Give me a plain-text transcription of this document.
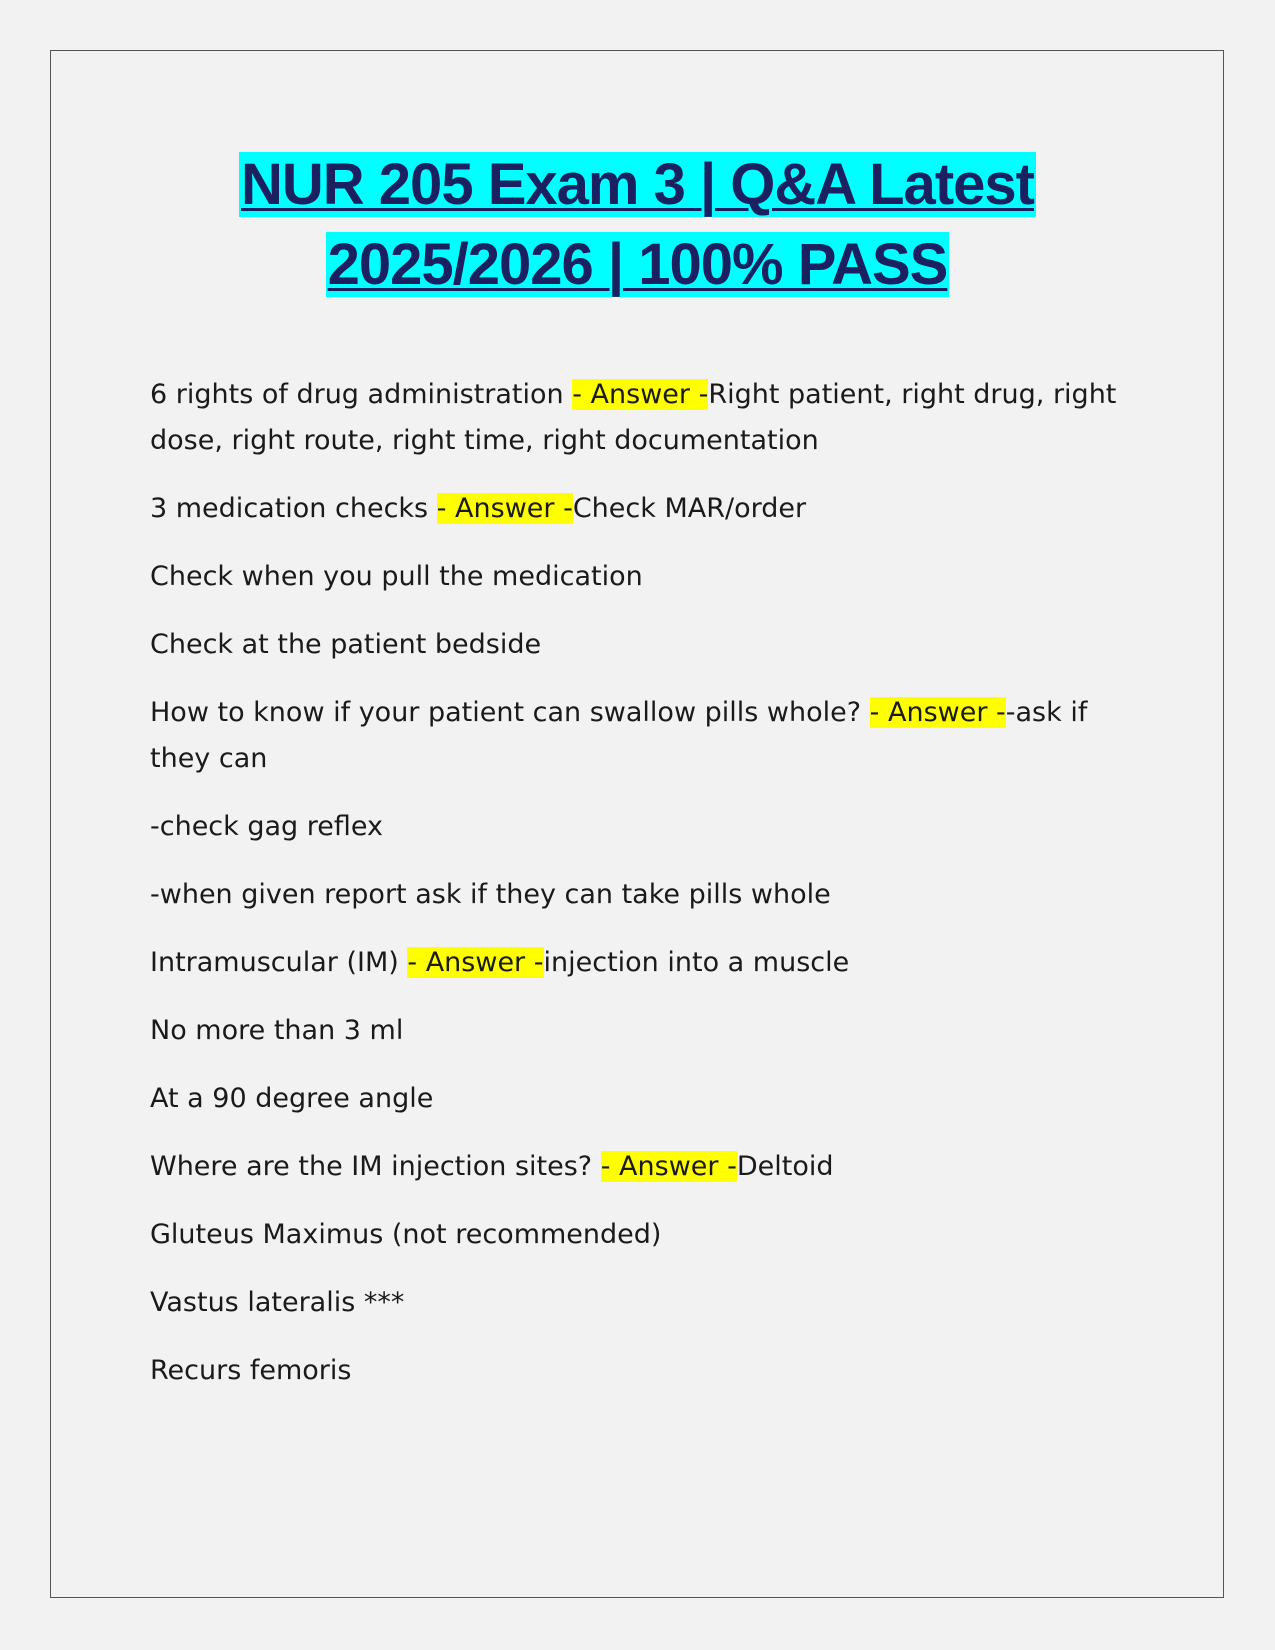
NUR 205 Exam 3 | Q&A Latest
2025/2026 | 100% PASS

6 rights of drug administration - Answer -Right patient, right drug, right dose, right route, right time, right documentation

3 medication checks - Answer -Check MAR/order

Check when you pull the medication

Check at the patient bedside

How to know if your patient can swallow pills whole? - Answer --ask if they can

-check gag reflex

-when given report ask if they can take pills whole

Intramuscular (IM) - Answer -injection into a muscle

No more than 3 ml

At a 90 degree angle

Where are the IM injection sites? - Answer -Deltoid

Gluteus Maximus (not recommended)

Vastus lateralis ***

Recurs femoris
